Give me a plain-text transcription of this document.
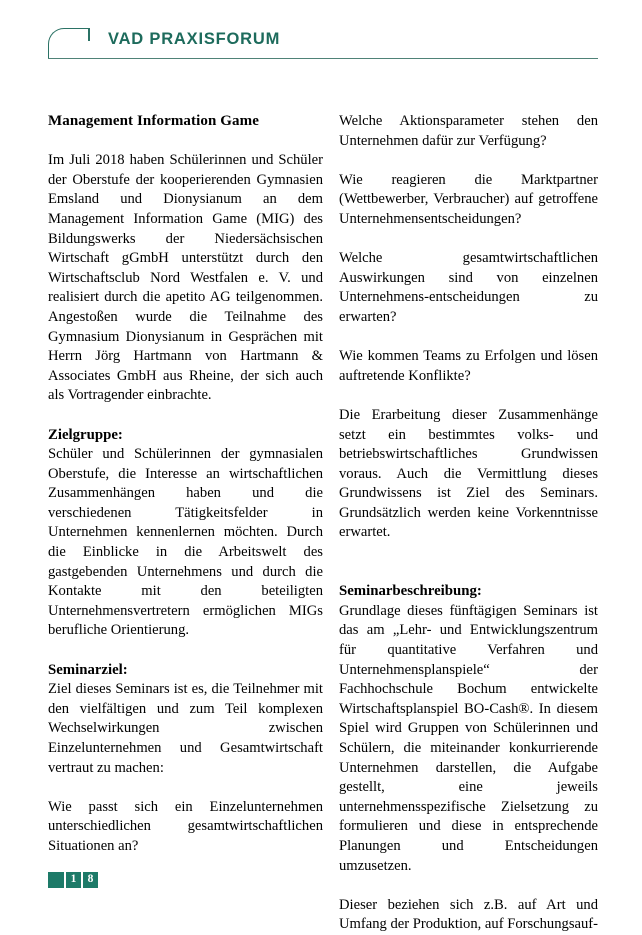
VAD PRAXISFORUM
Management Information Game

Im Juli 2018 haben Schülerinnen und Schüler der Oberstufe der kooperierenden Gymnasien Emsland und Dionysianum an dem Management Information Game (MIG) des Bildungswerks der Niedersächsischen Wirtschaft gGmbH unterstützt durch den Wirtschaftsclub Nord Westfalen e. V. und realisiert durch die apetito AG teilgenommen. Angestoßen wurde die Teilnahme des Gymnasium Dionysianum in Gesprächen mit Herrn Jörg Hartmann von Hartmann & Associates GmbH aus Rheine, der sich auch als Vortragender einbrachte.

Zielgruppe:

Schüler und Schülerinnen der gymnasialen Oberstufe, die Interesse an wirtschaftlichen Zusammenhängen haben und die verschiedenen Tätigkeitsfelder in Unternehmen kennenlernen möchten. Durch die Einblicke in die Arbeitswelt des gastgebenden Unternehmens und durch die Kontakte mit den beteiligten Unternehmensvertretern ermöglichen MIGs berufliche Orientierung.

Seminarziel:

Ziel dieses Seminars ist es, die Teilnehmer mit den vielfältigen und zum Teil komplexen Wechselwirkungen zwischen Einzelunternehmen und Gesamtwirtschaft vertraut zu machen:

Wie passt sich ein Einzelunternehmen unterschiedlichen gesamtwirtschaftlichen Situationen an?

Welche Aktionsparameter stehen den Unternehmen dafür zur Verfügung?

Wie reagieren die Marktpartner (Wettbewerber, Verbraucher) auf getroffene Unternehmensentscheidungen?

Welche gesamtwirtschaftlichen Auswirkungen sind von einzelnen Unternehmens-entscheidungen zu erwarten?

Wie kommen Teams zu Erfolgen und lösen auftretende Konflikte?

Die Erarbeitung dieser Zusammenhänge setzt ein bestimmtes volks- und betriebswirtschaftliches Grundwissen voraus. Auch die Vermittlung dieses Grundwissens ist Ziel des Seminars. Grundsätzlich werden keine Vorkenntnisse erwartet.

Seminarbeschreibung:

Grundlage dieses fünftägigen Seminars ist das am „Lehr- und Entwicklungszentrum für quantitative Verfahren und Unternehmensplanspiele“ der Fachhochschule Bochum entwickelte Wirtschaftsplanspiel BO-Cash®. In diesem Spiel wird Gruppen von Schülerinnen und Schülern, die miteinander konkurrierende Unternehmen darstellen, die Aufgabe gestellt, eine jeweils unternehmensspezifische Zielsetzung zu formulieren und diese in entsprechende Planungen und Entscheidungen umzusetzen.

Dieser beziehen sich z.B. auf Art und Umfang der Produktion, auf Forschungsauf-

1 8
